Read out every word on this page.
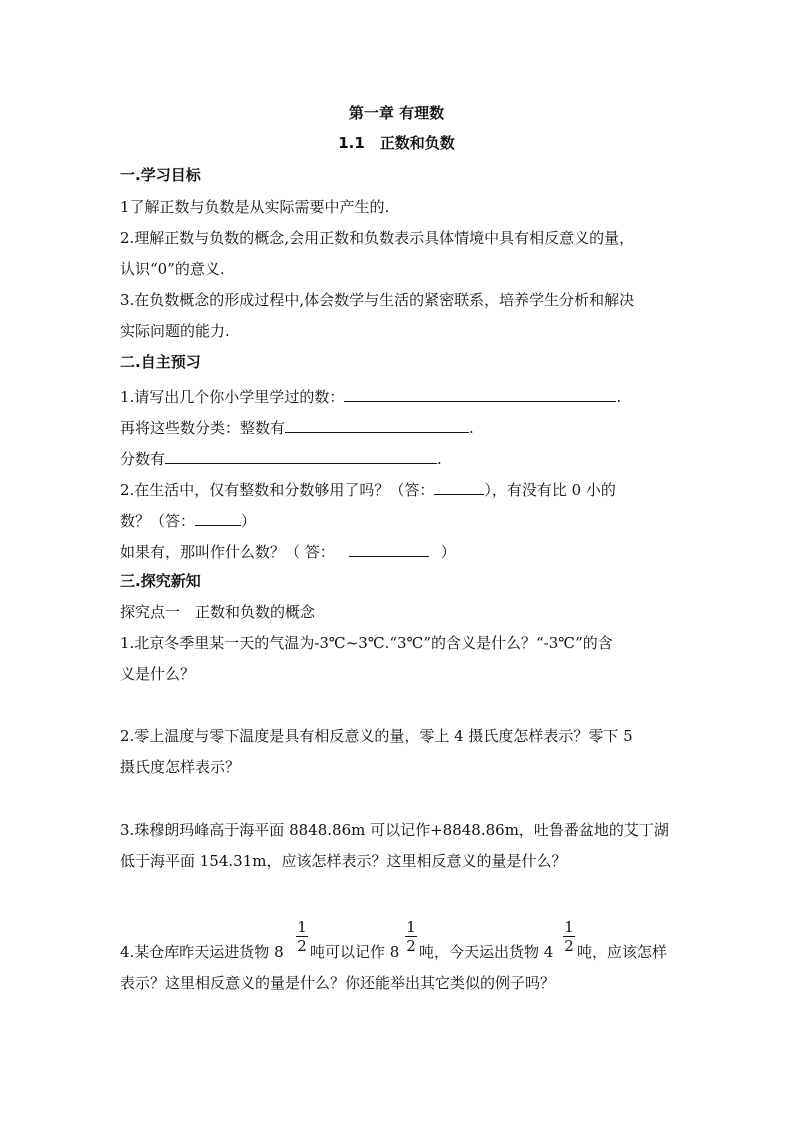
第一章 有理数
1.1　正数和负数
一.学习目标
1了解正数与负数是从实际需要中产生的.
2.理解正数与负数的概念,会用正数和负数表示具体情境中具有相反意义的量，
认识“0”的意义.
3.在负数概念的形成过程中,体会数学与生活的紧密联系，培养学生分析和解决
实际问题的能力.
二.自主预习
1.请写出几个你小学里学过的数：	.
再将这些数分类：整数有	.
分数有	.
2.在生活中，仅有整数和分数够用了吗？（答：	），有没有比 0 小的
数？（答：	）
如果有，那叫作什么数？（ 答：	）
三.探究新知
探究点一　正数和负数的概念
1.北京冬季里某一天的气温为-3℃~3℃.“3℃”的含义是什么？“-3℃”的含
义是什么？
2.零上温度与零下温度是具有相反意义的量，零上 4 摄氏度怎样表示？零下 5
摄氏度怎样表示？
3.珠穆朗玛峰高于海平面 8848.86m 可以记作+8848.86m，吐鲁番盆地的艾丁湖
低于海平面 154.31m，应该怎样表示？这里相反意义的量是什么？
4.某仓库昨天运进货物 $8 \frac{1}{2}$ 吨可以记作 $8 \frac{1}{2}$ 吨，今天运出货物 $4 \frac{1}{2}$ 吨，应该怎样
表示？这里相反意义的量是什么？你还能举出其它类似的例子吗？
